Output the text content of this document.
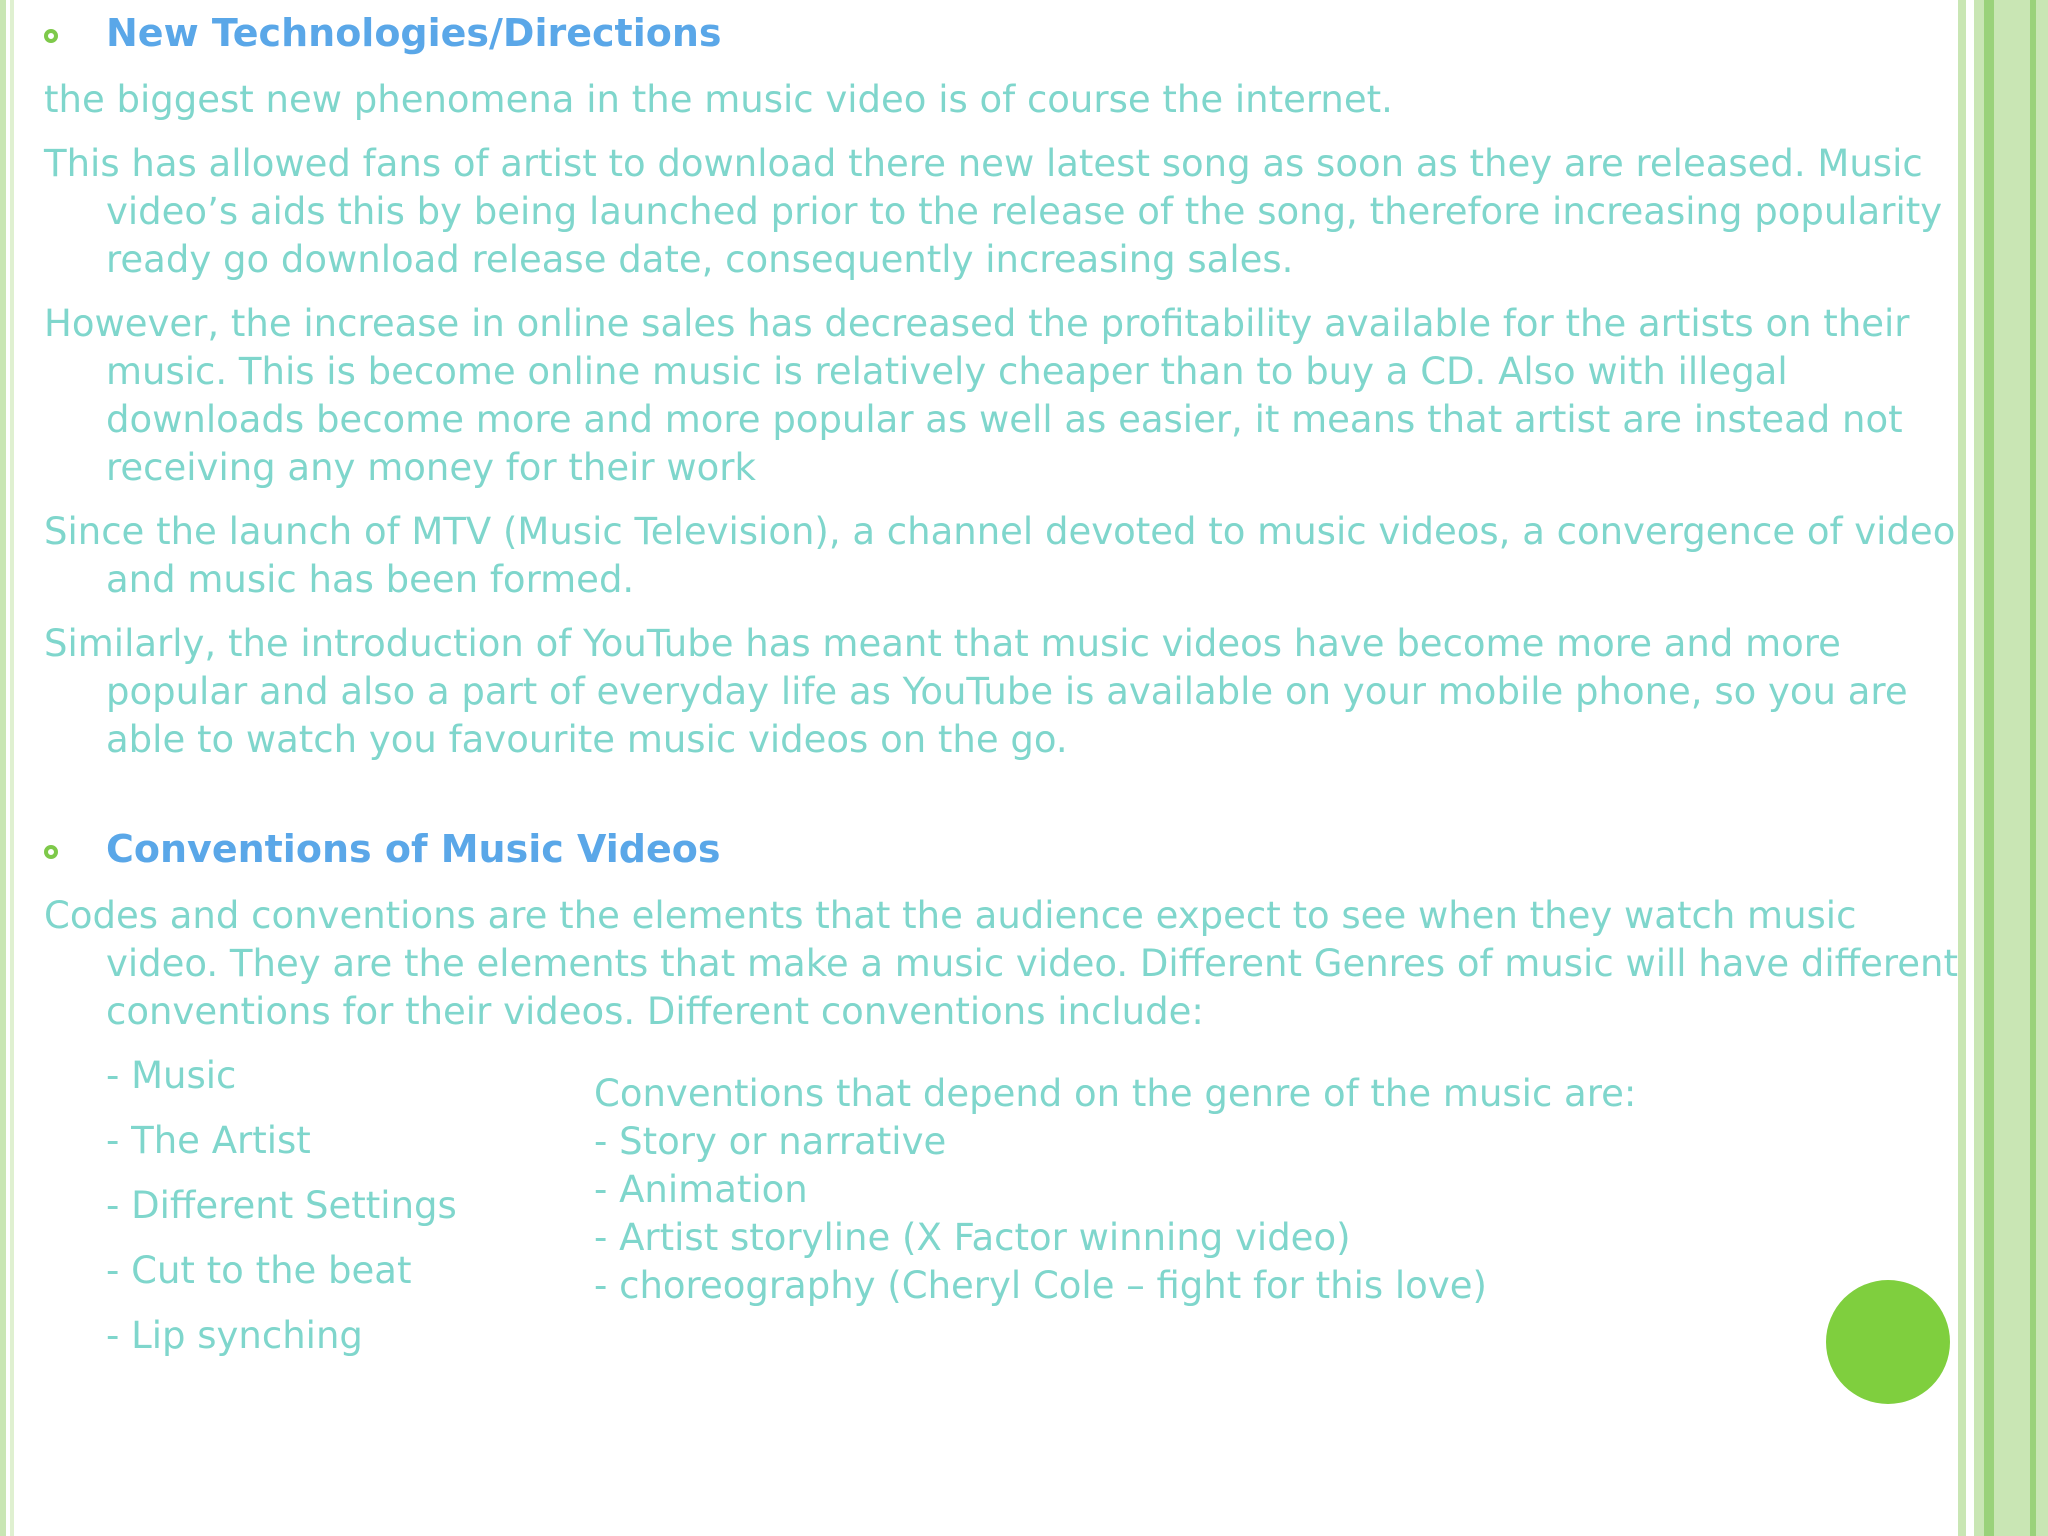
New Technologies/Directions
the biggest new phenomena in the music video is of course the internet.
This has allowed fans of artist to download there new latest song as soon as they are released. Music video’s aids this by being launched prior to the release of the song, therefore increasing popularity ready go download release date, consequently increasing sales.
However, the increase in online sales has decreased the profitability available for the artists on their music. This is become online music is relatively cheaper than to buy a CD. Also with illegal downloads become more and more popular as well as easier, it means that artist are instead not receiving any money for their work
Since the launch of MTV (Music Television), a channel devoted to music videos, a convergence of video and music has been formed.
Similarly, the introduction of YouTube has meant that music videos have become more and more popular and also a part of everyday life as YouTube is available on your mobile phone, so you are able to watch you favourite music videos on the go.
Conventions of Music Videos
Codes and conventions are the elements that the audience expect to see when they watch music video. They are the elements that make a music video. Different Genres of music will have different conventions for their videos. Different conventions include:
- Music
- The Artist
- Different Settings
- Cut to the beat
- Lip synching
Conventions that depend on the genre of the music are:
- Story or narrative
- Animation
- Artist storyline (X Factor winning video)
- choreography (Cheryl Cole – fight for this love)
